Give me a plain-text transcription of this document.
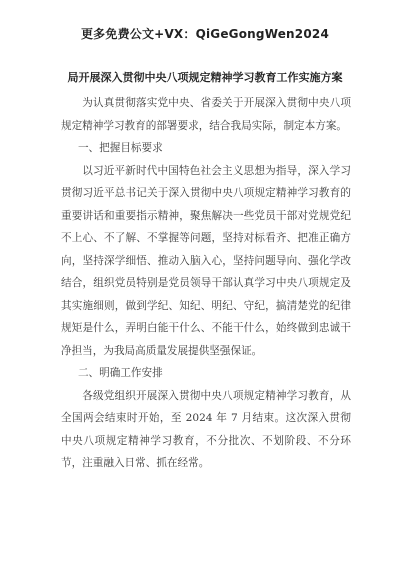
更多免费公文+VX：QiGeGongWen2024
局开展深入贯彻中央八项规定精神学习教育工作实施方案

为认真贯彻落实党中央、省委关于开展深入贯彻中央八项规定精神学习教育的部署要求，结合我局实际，制定本方案。

一、把握目标要求

以习近平新时代中国特色社会主义思想为指导，深入学习贯彻习近平总书记关于深入贯彻中央八项规定精神学习教育的重要讲话和重要指示精神，聚焦解决一些党员干部对党规党纪不上心、不了解、不掌握等问题，坚持对标看齐、把准正确方向，坚持深学细悟、推动入脑入心，坚持问题导向、强化学改结合，组织党员特别是党员领导干部认真学习中央八项规定及其实施细则，做到学纪、知纪、明纪、守纪，搞清楚党的纪律规矩是什么，弄明白能干什么、不能干什么，始终做到忠诚干净担当，为我局高质量发展提供坚强保证。

二、明确工作安排

各级党组织开展深入贯彻中央八项规定精神学习教育，从全国两会结束时开始，至 2024 年 7 月结束。这次深入贯彻中央八项规定精神学习教育，不分批次、不划阶段、不分环节，注重融入日常、抓在经常。
